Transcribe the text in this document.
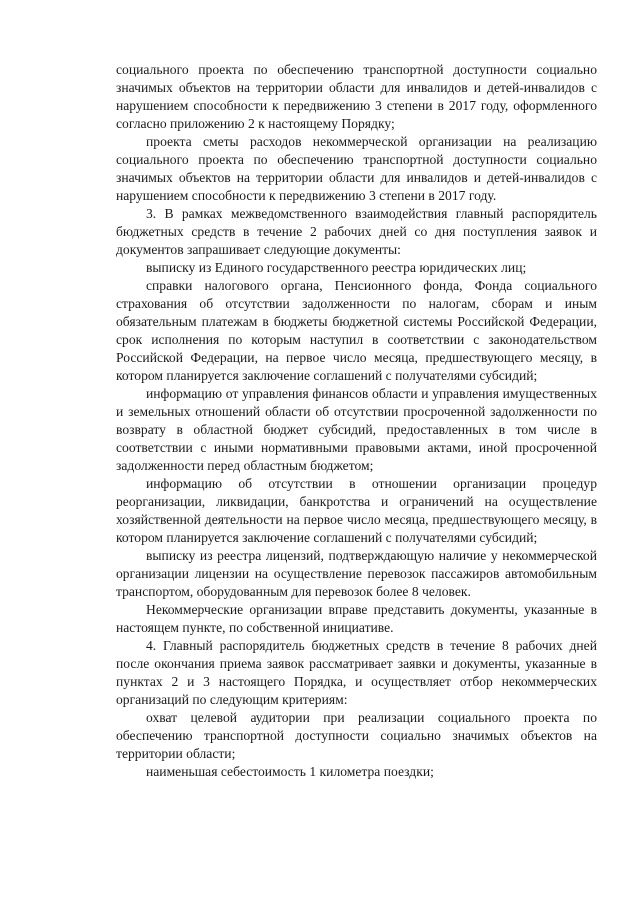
социального проекта по обеспечению транспортной доступности социально значимых объектов на территории области для инвалидов и детей-инвалидов с нарушением способности к передвижению 3 степени в 2017 году, оформленного согласно приложению 2 к настоящему Порядку;

проекта сметы расходов некоммерческой организации на реализацию социального проекта по обеспечению транспортной доступности социально значимых объектов на территории области для инвалидов и детей-инвалидов с нарушением способности к передвижению 3 степени в 2017 году.

3. В рамках межведомственного взаимодействия главный распорядитель бюджетных средств в течение 2 рабочих дней со дня поступления заявок и документов запрашивает следующие документы:

выписку из Единого государственного реестра юридических лиц;

справки налогового органа, Пенсионного фонда, Фонда социального страхования об отсутствии задолженности по налогам, сборам и иным обязательным платежам в бюджеты бюджетной системы Российской Федерации, срок исполнения по которым наступил в соответствии с законодательством Российской Федерации, на первое число месяца, предшествующего месяцу, в котором планируется заключение соглашений с получателями субсидий;

информацию от управления финансов области и управления имущественных и земельных отношений области об отсутствии просроченной задолженности по возврату в областной бюджет субсидий, предоставленных в том числе в соответствии с иными нормативными правовыми актами, иной просроченной задолженности перед областным бюджетом;

информацию об отсутствии в отношении организации процедур реорганизации, ликвидации, банкротства и ограничений на осуществление хозяйственной деятельности на первое число месяца, предшествующего месяцу, в котором планируется заключение соглашений с получателями субсидий;

выписку из реестра лицензий, подтверждающую наличие у некоммерческой организации лицензии на осуществление перевозок пассажиров автомобильным транспортом, оборудованным для перевозок более 8 человек.

Некоммерческие организации вправе представить документы, указанные в настоящем пункте, по собственной инициативе.

4. Главный распорядитель бюджетных средств в течение 8 рабочих дней после окончания приема заявок рассматривает заявки и документы, указанные в пунктах 2 и 3 настоящего Порядка, и осуществляет отбор некоммерческих организаций по следующим критериям:

охват целевой аудитории при реализации социального проекта по обеспечению транспортной доступности социально значимых объектов на территории области;

наименьшая себестоимость 1 километра поездки;
